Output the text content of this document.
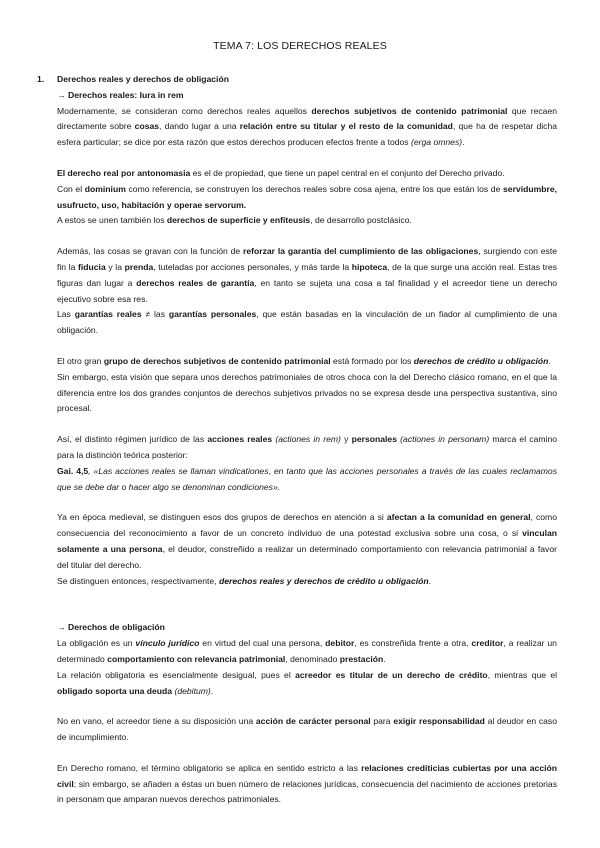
TEMA 7: LOS DERECHOS REALES
1. Derechos reales y derechos de obligación
→ Derechos reales: Iura in rem

Modernamente, se consideran como derechos reales aquellos derechos subjetivos de contenido patrimonial que recaen directamente sobre cosas, dando lugar a una relación entre su titular y el resto de la comunidad, que ha de respetar dicha esfera particular; se dice por esta razón que estos derechos producen efectos frente a todos (erga omnes).

El derecho real por antonomasia es el de propiedad, que tiene un papel central en el conjunto del Derecho privado.

Con el dominium como referencia, se construyen los derechos reales sobre cosa ajena, entre los que están los de servidumbre, usufructo, uso, habitación y operae servorum.

A estos se unen también los derechos de superficie y enfiteusis, de desarrollo postclásico.

Además, las cosas se gravan con la función de reforzar la garantía del cumplimiento de las obligaciones, surgiendo con este fin la fiducia y la prenda, tuteladas por acciones personales, y más tarde la hipoteca, de la que surge una acción real. Estas tres figuras dan lugar a derechos reales de garantía, en tanto se sujeta una cosa a tal finalidad y el acreedor tiene un derecho ejecutivo sobre esa res.

Las garantías reales ≠ las garantías personales, que están basadas en la vinculación de un fiador al cumplimiento de una obligación.

El otro gran grupo de derechos subjetivos de contenido patrimonial está formado por los derechos de crédito u obligación.

Sin embargo, esta visión que separa unos derechos patrimoniales de otros choca con la del Derecho clásico romano, en el que la diferencia entre los dos grandes conjuntos de derechos subjetivos privados no se expresa desde una perspectiva sustantiva, sino procesal.

Así, el distinto régimen jurídico de las acciones reales (actiones in rem) y personales (actiones in personam) marca el camino para la distinción teórica posterior:

Gai. 4,5, «Las acciones reales se llaman vindicationes, en tanto que las acciones personales a través de las cuales reclamamos que se debe dar o hacer algo se denominan condiciones».

Ya en época medieval, se distinguen esos dos grupos de derechos en atención a si afectan a la comunidad en general, como consecuencia del reconocimiento a favor de un concreto individuo de una potestad exclusiva sobre una cosa, o si vinculan solamente a una persona, el deudor, constreñido a realizar un determinado comportamiento con relevancia patrimonial a favor del titular del derecho.

Se distinguen entonces, respectivamente, derechos reales y derechos de crédito u obligación.

→ Derechos de obligación

La obligación es un vínculo jurídico en virtud del cual una persona, debitor, es constreñida frente a otra, creditor, a realizar un determinado comportamiento con relevancia patrimonial, denominado prestación.

La relación obligatoria es esencialmente desigual, pues el acreedor es titular de un derecho de crédito, mientras que el obligado soporta una deuda (debitum).

No en vano, el acreedor tiene a su disposición una acción de carácter personal para exigir responsabilidad al deudor en caso de incumplimiento.

En Derecho romano, el término obligatorio se aplica en sentido estricto a las relaciones crediticias cubiertas por una acción civil; sin embargo, se añaden a éstas un buen número de relaciones jurídicas, consecuencia del nacimiento de acciones pretorias in personam que amparan nuevos derechos patrimoniales.
